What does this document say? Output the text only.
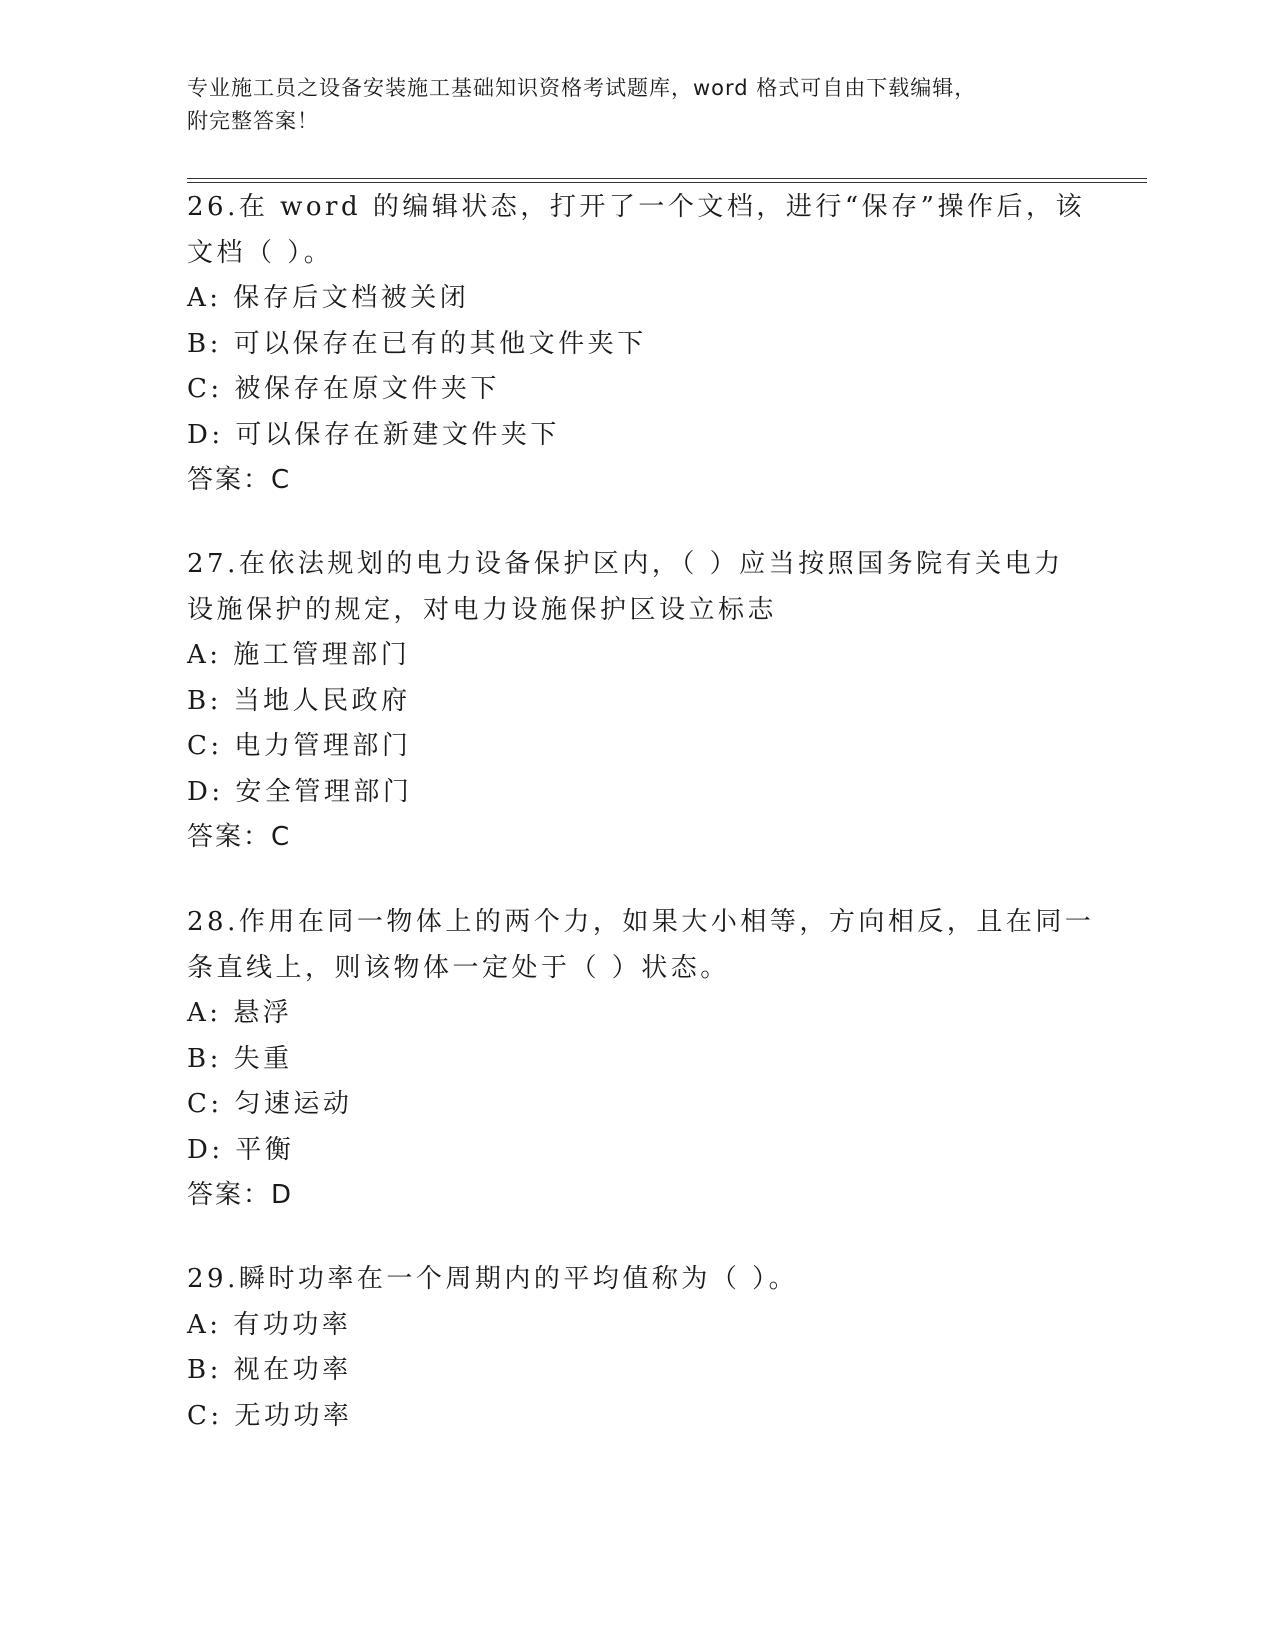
专业施工员之设备安装施工基础知识资格考试题库，word 格式可自由下载编辑，
附完整答案！
26.在 word 的编辑状态，打开了一个文档，进行“保存”操作后，该
文档（ ）。
A: 保存后文档被关闭
B: 可以保存在已有的其他文件夹下
C: 被保存在原文件夹下
D: 可以保存在新建文件夹下
答案：C
27.在依法规划的电力设备保护区内，（ ）应当按照国务院有关电力
设施保护的规定，对电力设施保护区设立标志
A: 施工管理部门
B: 当地人民政府
C: 电力管理部门
D: 安全管理部门
答案：C
28.作用在同一物体上的两个力，如果大小相等，方向相反，且在同一
条直线上，则该物体一定处于（ ）状态。
A: 悬浮
B: 失重
C: 匀速运动
D: 平衡
答案：D
29.瞬时功率在一个周期内的平均值称为（ ）。
A: 有功功率
B: 视在功率
C: 无功功率
